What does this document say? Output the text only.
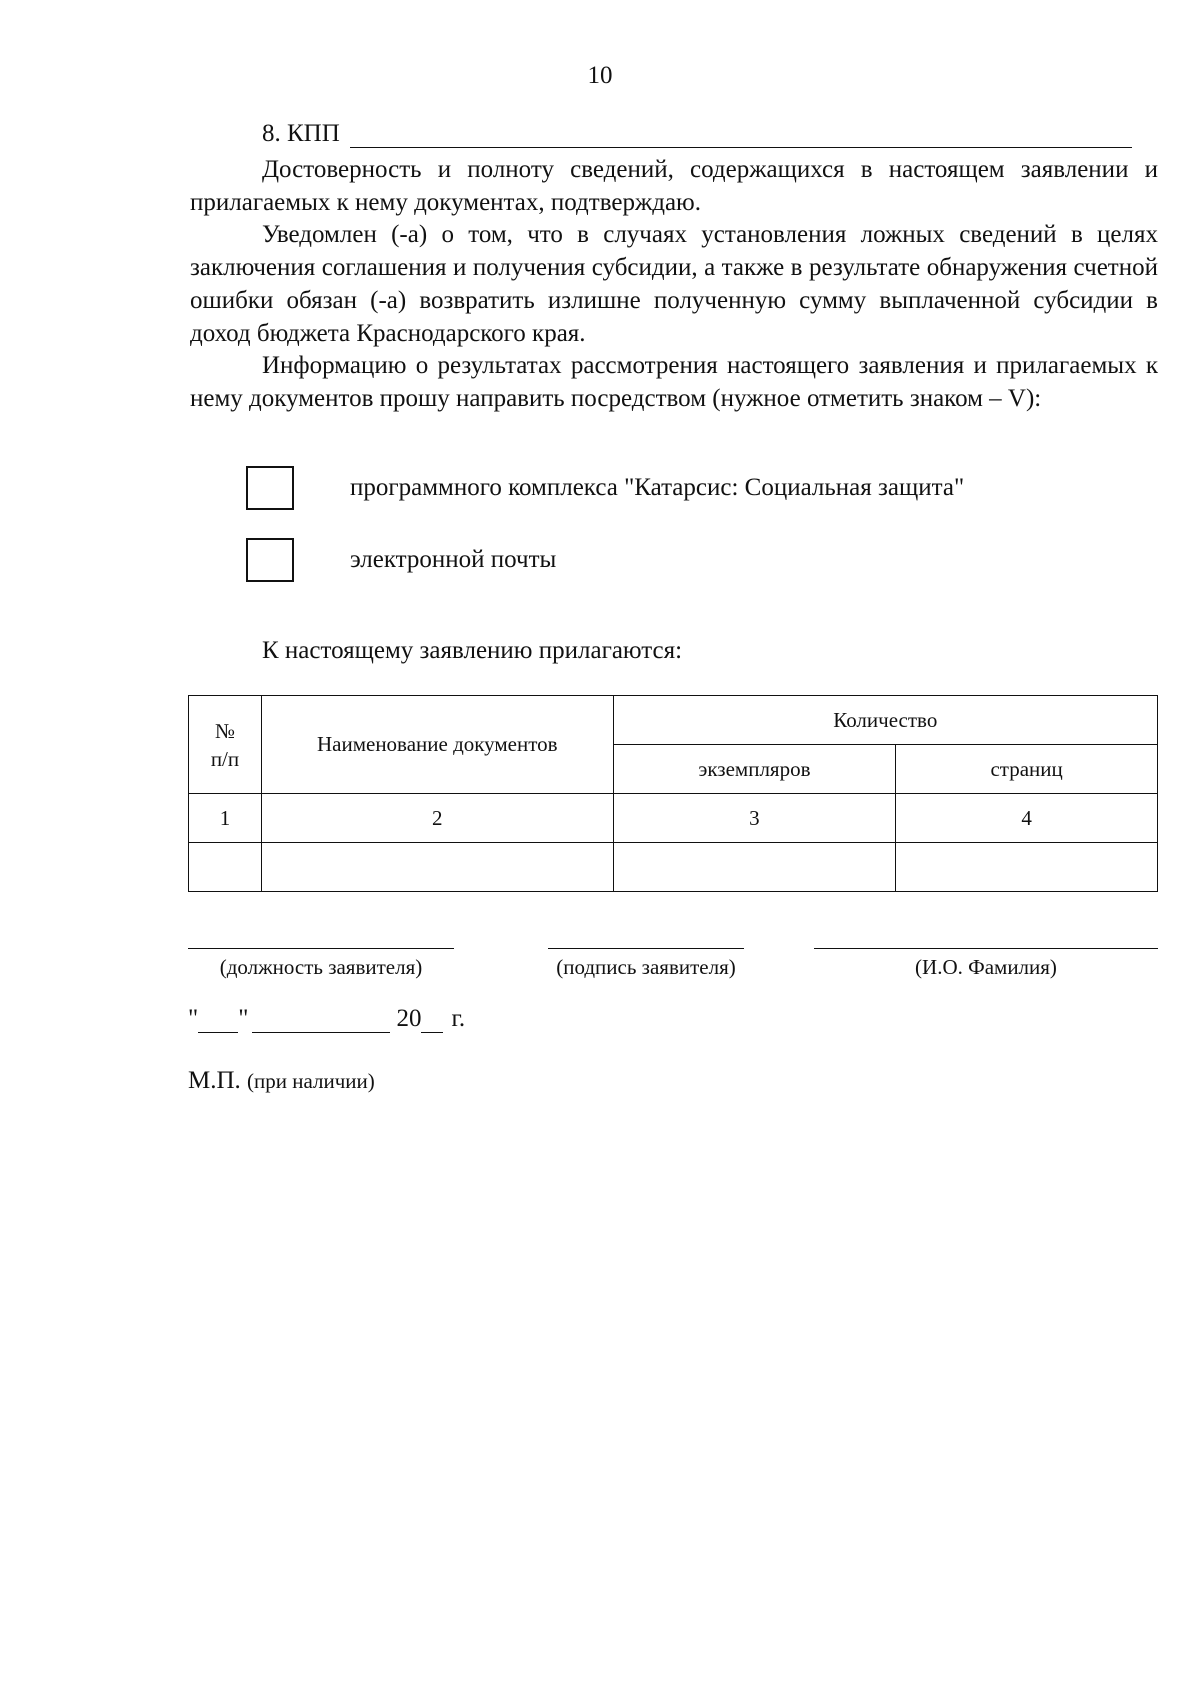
10
8. КПП

Достоверность и полноту сведений, содержащихся в настоящем заявлении и прилагаемых к нему документах, подтверждаю.

Уведомлен (-а) о том, что в случаях установления ложных сведений в целях заключения соглашения и получения субсидии, а также в результате обнаружения счетной ошибки обязан (-а) возвратить излишне полученную сумму выплаченной субсидии в доход бюджета Краснодарского края.

Информацию о результатах рассмотрения настоящего заявления и прилагаемых к нему документов прошу направить посредством (нужное отметить знаком – V):

программного комплекса "Катарсис: Социальная защита"
электронной почты
К настоящему заявлению прилагаются:
№ п/п	Наименование документов	Количество	
		экземпляров	страниц
1	2	3	4

(должность заявителя)	(подпись заявителя)	(И.О. Фамилия)
" "	20 г.
М.П. (при наличии)
